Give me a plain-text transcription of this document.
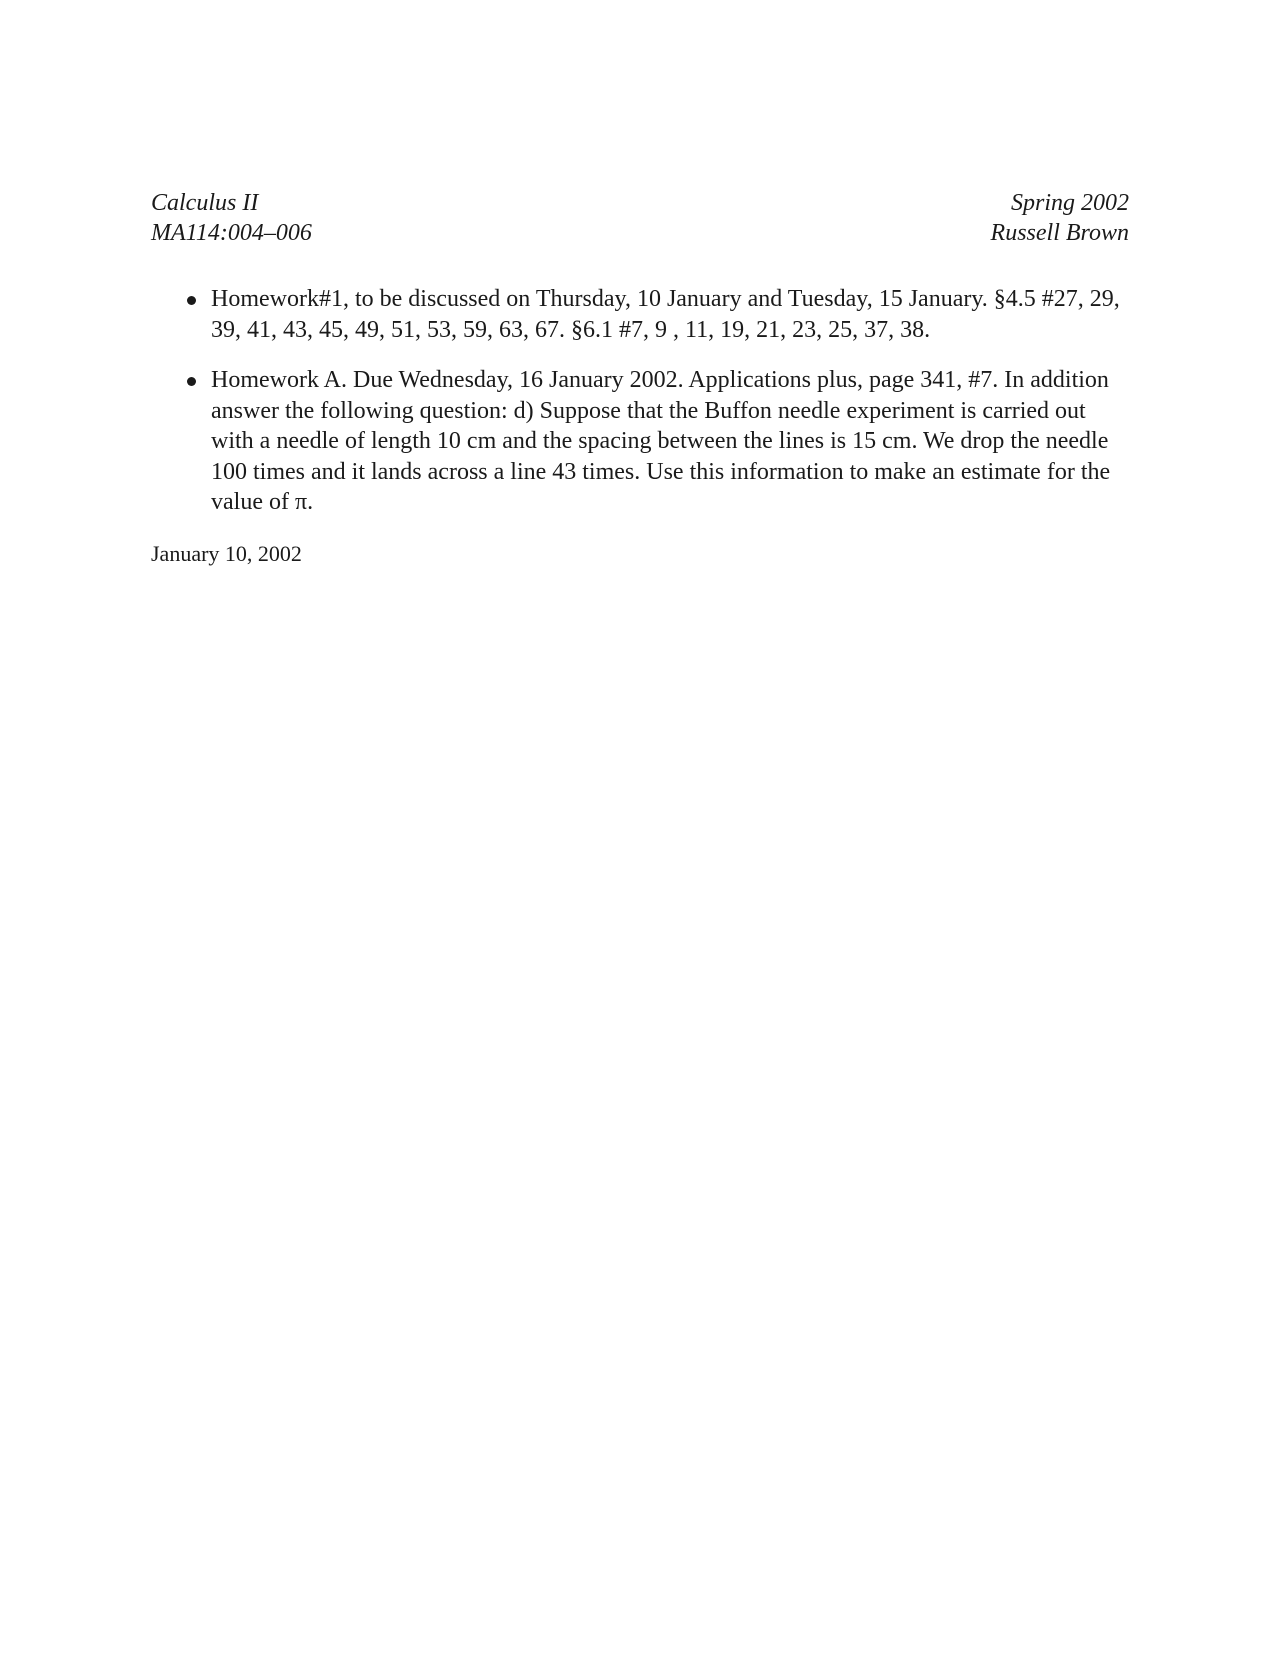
Calculus II
MA114:004–006
Spring 2002
Russell Brown
Homework#1, to be discussed on Thursday, 10 January and Tuesday, 15 January. §4.5 #27, 29, 39, 41, 43, 45, 49, 51, 53, 59, 63, 67. §6.1 #7, 9 , 11, 19, 21, 23, 25, 37, 38.
Homework A. Due Wednesday, 16 January 2002. Applications plus, page 341, #7. In addition answer the following question: d) Suppose that the Buffon needle experiment is carried out with a needle of length 10 cm and the spacing between the lines is 15 cm. We drop the needle 100 times and it lands across a line 43 times. Use this information to make an estimate for the value of π.
January 10, 2002
